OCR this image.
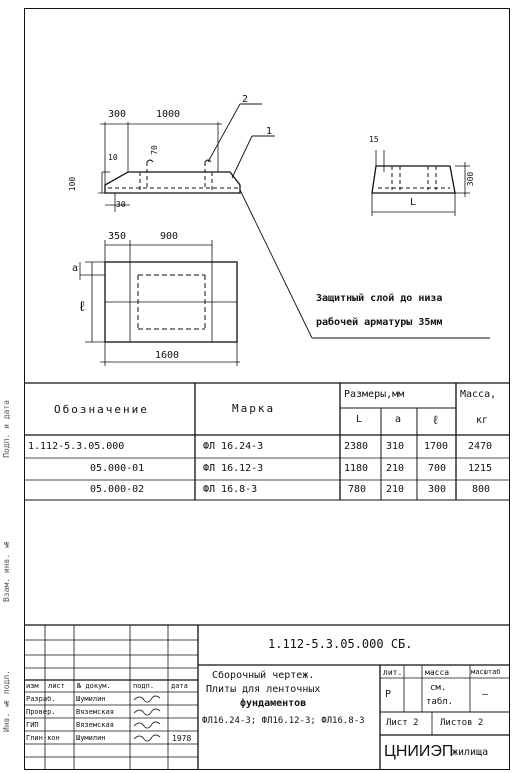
Подп. и дата
Взам. инв. №
Инв. № подл.
300	1000
2
1
10
70
100
30
15
300
L
350	900
a
ℓ
1600
Защитный слой до низа
рабочей арматуры 35мм
Обозначение	Марка
Размеры,мм	Масса,
L	a	ℓ	кг
1.112-5.3.05.000	ФЛ 16.24-3	2380 310 1700 2470
05.000-01	ФЛ 16.12-3	1180 210 700 1215
05.000-02	ФЛ 16.8-3	780 210 300	800
1.112-5.3.05.000 СБ.
Сборочный чертеж.
Плиты для ленточных
фундаментов
ФЛ16.24-3; ФЛ16.12-3; ФЛ16.8-3
лит.	масса	масштаб
Р
см.
табл.
—
Лист 2 Листов 2
ЦНИИЭП
жилища
изм лист № докум.	подп. дата
Разраб.	Шумилин
Провер.	Вяземская
ГИП	Вяземская
Глин-кон Шумилин	1978
